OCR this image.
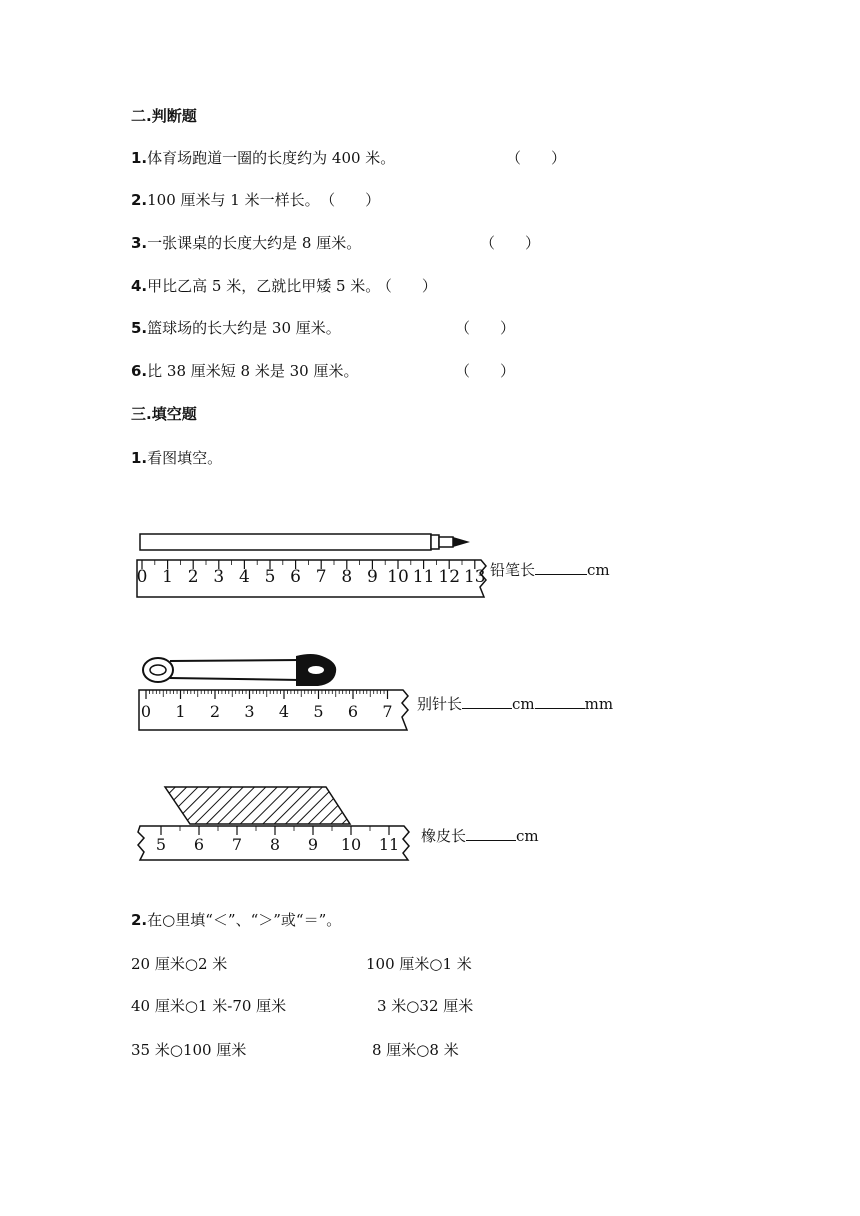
二.判断题
1.体育场跑道一圈的长度约为 400 米。	（　　）
2.100 厘米与 1 米一样长。 （　　）
3.一张课桌的长度大约是 8 厘米。	（　　）
4.甲比乙高 5 米，乙就比甲矮 5 米。 （　　）
5.篮球场的长大约是 30 厘米。	（　　）
6.比 38 厘米短 8 米是 30 厘米。	（　　）
三.填空题
1.看图填空。
0 1 2 3 4 5 6 7 8 9 10 11 12 13
0 1 2 3 4 5 6 7
5 6 7 8 9 10 11
铅笔长	cm
别针长	cm	mm
橡皮长	cm
2.在○里填“＜”、“＞”或“＝”。
20 厘米○2 米	100 厘米○1 米
40 厘米○1 米-70 厘米	3 米○32 厘米
35 米○100 厘米	8 厘米○8 米
